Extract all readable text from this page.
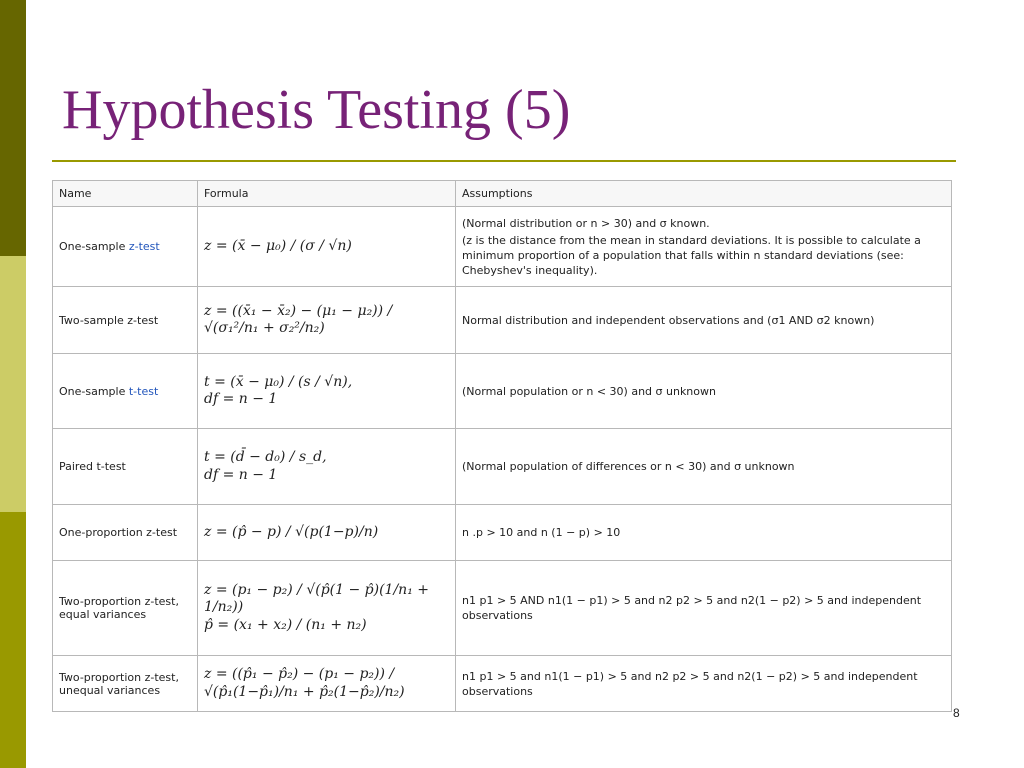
Hypothesis Testing (5)
Name	Formula	Assumptions
One-sample z-test	z = (x̄ − μ₀) / (σ / √n)	(Normal distribution or n > 30) and σ known.

(z is the distance from the mean in standard deviations. It is possible to calculate a minimum proportion of a population that falls within n standard deviations (see: Chebyshev's inequality).

Two-sample z-test	z = ((x̄₁ − x̄₂) − (μ₁ − μ₂)) / √(σ₁²/n₁ + σ₂²/n₂)	Normal distribution and independent observations and (σ1 AND σ2 known)

One-sample t-test	t = (x̄ − μ₀) / (s / √n),
df = n − 1	(Normal population or n < 30) and σ unknown

Paired t-test	t = (d̄ − d₀) / s_d,
df = n − 1	(Normal population of differences or n < 30) and σ unknown

One-proportion z-test	z = (p̂ − p) / √(p(1−p)/n)	n .p > 10 and n (1 − p) > 10

Two-proportion z-test, equal variances	z = (p₁ − p₂) / √(p̂(1 − p̂)(1/n₁ + 1/n₂))
p̂ = (x₁ + x₂) / (n₁ + n₂)	n1 p1 > 5 AND n1(1 − p1) > 5 and n2 p2 > 5 and n2(1 − p2) > 5 and independent observations

Two-proportion z-test, unequal variances	z = ((p̂₁ − p̂₂) − (p₁ − p₂)) / √(p̂₁(1−p̂₁)/n₁ + p̂₂(1−p̂₂)/n₂)	n1 p1 > 5 and n1(1 − p1) > 5 and n2 p2 > 5 and n2(1 − p2) > 5 and independent observations

8
